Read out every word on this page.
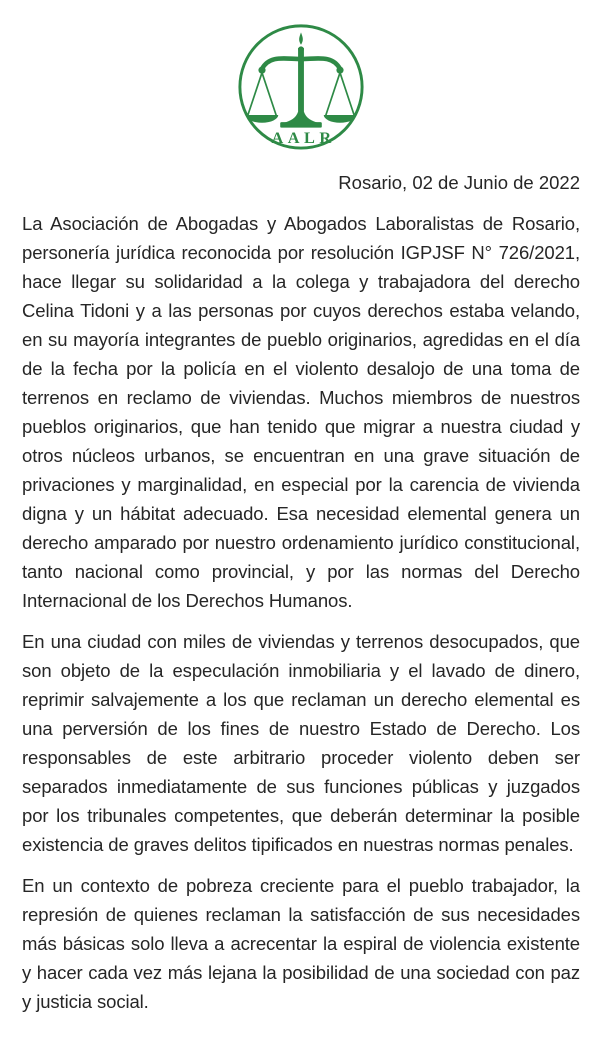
AALR

Rosario, 02 de Junio de 2022

La Asociación de Abogadas y Abogados Laboralistas de Rosario, personería jurídica reconocida por resolución IGPJSF N° 726/2021, hace llegar su solidaridad a la colega y trabajadora del derecho Celina Tidoni y a las personas por cuyos derechos estaba velando, en su mayoría integrantes de pueblo originarios, agredidas en el día de la fecha por la policía en el violento desalojo de una toma de terrenos en reclamo de viviendas. Muchos miembros de nuestros pueblos originarios, que han tenido que migrar a nuestra ciudad y otros núcleos urbanos, se encuentran en una grave situación de privaciones y marginalidad, en especial por la carencia de vivienda digna y un hábitat adecuado. Esa necesidad elemental genera un derecho amparado por nuestro ordenamiento jurídico constitucional, tanto nacional como provincial, y por las normas del Derecho Internacional de los Derechos Humanos.

En una ciudad con miles de viviendas y terrenos desocupados, que son objeto de la especulación inmobiliaria y el lavado de dinero, reprimir salvajemente a los que reclaman un derecho elemental es una perversión de los fines de nuestro Estado de Derecho. Los responsables de este arbitrario proceder violento deben ser separados inmediatamente de sus funciones públicas y juzgados por los tribunales competentes, que deberán determinar la posible existencia de graves delitos tipificados en nuestras normas penales.

En un contexto de pobreza creciente para el pueblo trabajador, la represión de quienes reclaman la satisfacción de sus necesidades más básicas solo lleva a acrecentar la espiral de violencia existente y hacer cada vez más lejana la posibilidad de una sociedad con paz y justicia social.
